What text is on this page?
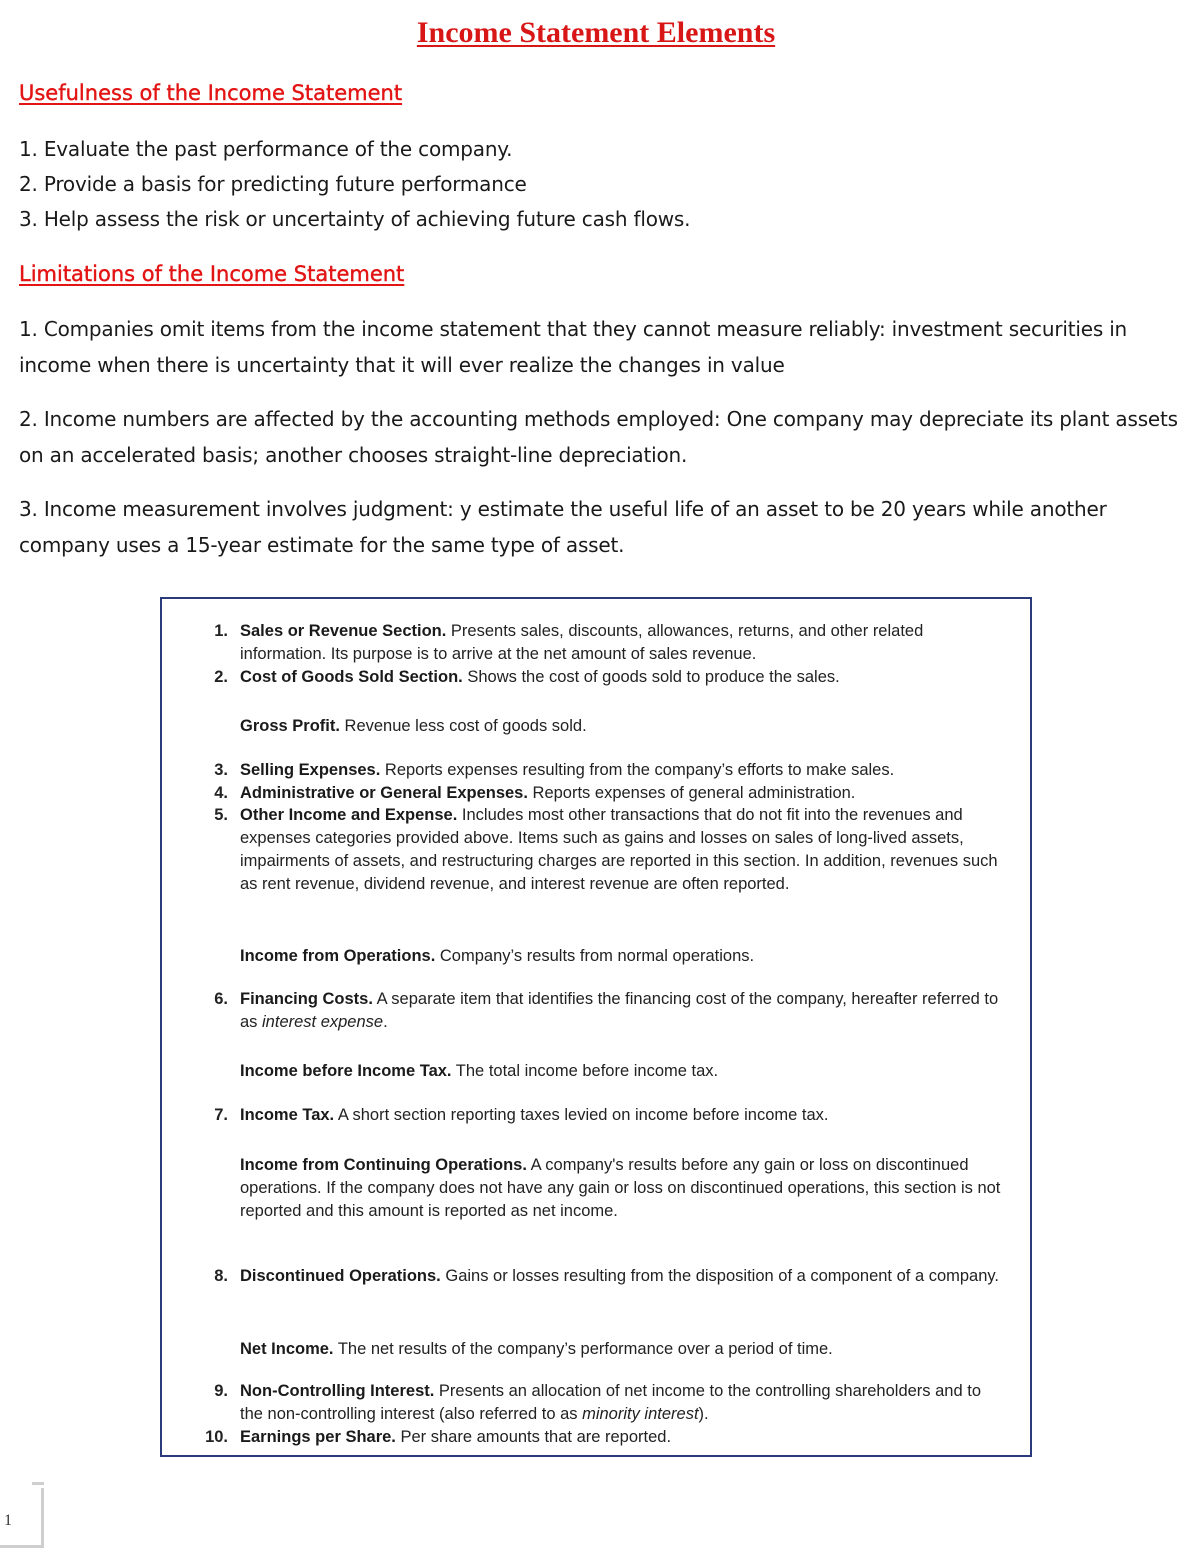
Income Statement Elements
Usefulness of the Income Statement
1. Evaluate the past performance of the company.
2. Provide a basis for predicting future performance
3. Help assess the risk or uncertainty of achieving future cash flows.
Limitations of the Income Statement

1. Companies omit items from the income statement that they cannot measure reliably: investment securities in income when there is uncertainty that it will ever realize the changes in value

2. Income numbers are affected by the accounting methods employed: One company may depreciate its plant assets on an accelerated basis; another chooses straight-line depreciation.

3. Income measurement involves judgment: y estimate the useful life of an asset to be 20 years while another company uses a 15-year estimate for the same type of asset.

1. Sales or Revenue Section. Presents sales, discounts, allowances, returns, and other related information. Its purpose is to arrive at the net amount of sales revenue.
2. Cost of Goods Sold Section. Shows the cost of goods sold to produce the sales.
Gross Profit. Revenue less cost of goods sold.
3. Selling Expenses. Reports expenses resulting from the company’s efforts to make sales.
4. Administrative or General Expenses. Reports expenses of general administration.
5. Other Income and Expense. Includes most other transactions that do not fit into the revenues and expenses categories provided above. Items such as gains and losses on sales of long-lived assets, impairments of assets, and restructuring charges are reported in this section. In addition, revenues such as rent revenue, dividend revenue, and interest revenue are often reported.
Income from Operations. Company’s results from normal operations.
6. Financing Costs. A separate item that identifies the financing cost of the company, hereafter referred to as interest expense.
Income before Income Tax. The total income before income tax.
7. Income Tax. A short section reporting taxes levied on income before income tax.
Income from Continuing Operations. A company's results before any gain or loss on discontinued operations. If the company does not have any gain or loss on discontinued operations, this section is not reported and this amount is reported as net income.
8. Discontinued Operations. Gains or losses resulting from the disposition of a component of a company.
Net Income. The net results of the company’s performance over a period of time.
9. Non-Controlling Interest. Presents an allocation of net income to the controlling shareholders and to the non-controlling interest (also referred to as minority interest).
10. Earnings per Share. Per share amounts that are reported.
1
